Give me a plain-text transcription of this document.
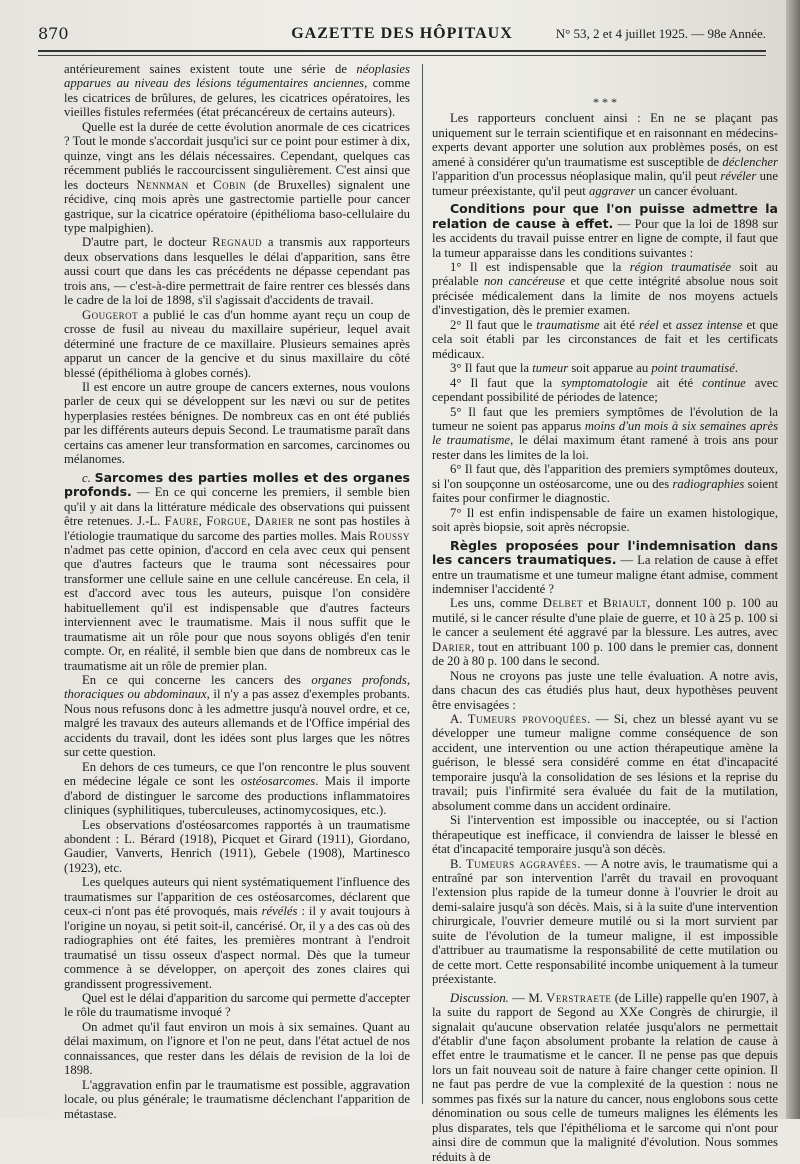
870	GAZETTE DES HÔPITAUX	N° 53, 2 et 4 juillet 1925. — 98e Année.

antérieurement saines existent toute une série de néoplasies apparues au niveau des lésions tégumentaires anciennes, comme les cicatrices de brûlures, de gelures, les cicatrices opératoires, les vieilles fistules refermées (état précancéreux de certains auteurs).

Quelle est la durée de cette évolution anormale de ces cicatrices ? Tout le monde s'accordait jusqu'ici sur ce point pour estimer à dix, quinze, vingt ans les délais nécessaires. Cependant, quelques cas récemment publiés le raccourcissent singulièrement. C'est ainsi que les docteurs Nennman et Cobin (de Bruxelles) signalent une récidive, cinq mois après une gastrectomie partielle pour cancer gastrique, sur la cicatrice opératoire (épithélioma baso-cellulaire du type malpighien).

D'autre part, le docteur Regnaud a transmis aux rapporteurs deux observations dans lesquelles le délai d'apparition, sans être aussi court que dans les cas précédents ne dépasse cependant pas trois ans, — c'est-à-dire permettrait de faire rentrer ces blessés dans le cadre de la loi de 1898, s'il s'agissait d'accidents de travail.

Gougerot a publié le cas d'un homme ayant reçu un coup de crosse de fusil au niveau du maxillaire supérieur, lequel avait déterminé une fracture de ce maxillaire. Plusieurs semaines après apparut un cancer de la gencive et du sinus maxillaire du côté blessé (épithélioma à globes cornés).

Il est encore un autre groupe de cancers externes, nous voulons parler de ceux qui se développent sur les nævi ou sur de petites hyperplasies restées bénignes. De nombreux cas en ont été publiés par les différents auteurs depuis Second. Le traumatisme paraît dans certains cas amener leur transformation en sarcomes, carcinomes ou mélanomes.

c. Sarcomes des parties molles et des organes profonds. — En ce qui concerne les premiers, il semble bien qu'il y ait dans la littérature médicale des observations qui puissent être retenues. J.-L. Faure, Forgue, Darier ne sont pas hostiles à l'étiologie traumatique du sarcome des parties molles. Mais Roussy n'admet pas cette opinion, d'accord en cela avec ceux qui pensent que d'autres facteurs que le trauma sont nécessaires pour transformer une cellule saine en une cellule cancéreuse. En cela, il est d'accord avec tous les auteurs, puisque l'on considère habituellement qu'il est indispensable que d'autres facteurs interviennent avec le traumatisme. Mais il nous suffit que le traumatisme ait un rôle pour que nous soyons obligés d'en tenir compte. Or, en réalité, il semble bien que dans de nombreux cas le traumatisme ait un rôle de premier plan.

En ce qui concerne les cancers des organes profonds, thoraciques ou abdominaux, il n'y a pas assez d'exemples probants. Nous nous refusons donc à les admettre jusqu'à nouvel ordre, et ce, malgré les travaux des auteurs allemands et de l'Office impérial des accidents du travail, dont les idées sont plus larges que les nôtres sur cette question.

En dehors de ces tumeurs, ce que l'on rencontre le plus souvent en médecine légale ce sont les ostéosarcomes. Mais il importe d'abord de distinguer le sarcome des productions inflammatoires cliniques (syphilitiques, tuberculeuses, actinomycosiques, etc.).

Les observations d'ostéosarcomes rapportés à un traumatisme abondent : L. Bérard (1918), Picquet et Girard (1911), Giordano, Gaudier, Vanverts, Henrich (1911), Gebele (1908), Martinesco (1923), etc.

Les quelques auteurs qui nient systématiquement l'influence des traumatismes sur l'apparition de ces ostéosarcomes, déclarent que ceux-ci n'ont pas été provoqués, mais révélés : il y avait toujours à l'origine un noyau, si petit soit-il, cancérisé. Or, il y a des cas où des radiographies ont été faites, les premières montrant à l'endroit traumatisé un tissu osseux d'aspect normal. Dès que la tumeur commence à se développer, on aperçoit des zones claires qui grandissent progressivement.

Quel est le délai d'apparition du sarcome qui permette d'accepter le rôle du traumatisme invoqué ?

On admet qu'il faut environ un mois à six semaines. Quant au délai maximum, on l'ignore et l'on ne peut, dans l'état actuel de nos connaissances, que rester dans les délais de revision de la loi de 1898.

L'aggravation enfin par le traumatisme est possible, aggravation locale, ou plus générale; le traumatisme déclenchant l'apparition de métastase.

* * *

Les rapporteurs concluent ainsi : En ne se plaçant pas uniquement sur le terrain scientifique et en raisonnant en médecins-experts devant apporter une solution aux problèmes posés, on est amené à considérer qu'un traumatisme est susceptible de déclencher l'apparition d'un processus néoplasique malin, qu'il peut révéler une tumeur préexistante, qu'il peut aggraver un cancer évoluant.

Conditions pour que l'on puisse admettre la relation de cause à effet. — Pour que la loi de 1898 sur les accidents du travail puisse entrer en ligne de compte, il faut que la tumeur apparaisse dans les conditions suivantes :

1° Il est indispensable que la région traumatisée soit au préalable non cancéreuse et que cette intégrité absolue nous soit précisée médicalement dans la limite de nos moyens actuels d'investigation, dès le premier examen.

2° Il faut que le traumatisme ait été réel et assez intense et que cela soit établi par les circonstances de fait et les certificats médicaux.

3° Il faut que la tumeur soit apparue au point traumatisé.

4° Il faut que la symptomatologie ait été continue avec cependant possibilité de périodes de latence;

5° Il faut que les premiers symptômes de l'évolution de la tumeur ne soient pas apparus moins d'un mois à six semaines après le traumatisme, le délai maximum étant ramené à trois ans pour rester dans les limites de la loi.

6° Il faut que, dès l'apparition des premiers symptômes douteux, si l'on soupçonne un ostéosarcome, une ou des radiographies soient faites pour confirmer le diagnostic.

7° Il est enfin indispensable de faire un examen histologique, soit après biopsie, soit après nécropsie.

Règles proposées pour l'indemnisation dans les cancers traumatiques. — La relation de cause à effet entre un traumatisme et une tumeur maligne étant admise, comment indemniser l'accidenté ?

Les uns, comme Delbet et Briault, donnent 100 p. 100 au mutilé, si le cancer résulte d'une plaie de guerre, et 10 à 25 p. 100 si le cancer a seulement été aggravé par la blessure. Les autres, avec Darier, tout en attribuant 100 p. 100 dans le premier cas, donnent de 20 à 80 p. 100 dans le second.

Nous ne croyons pas juste une telle évaluation. A notre avis, dans chacun des cas étudiés plus haut, deux hypothèses peuvent être envisagées :

A. Tumeurs provoquées. — Si, chez un blessé ayant vu se développer une tumeur maligne comme conséquence de son accident, une intervention ou une action thérapeutique amène la guérison, le blessé sera considéré comme en état d'incapacité temporaire jusqu'à la consolidation de ses lésions et la reprise du travail; puis l'infirmité sera évaluée du fait de la mutilation, absolument comme dans un accident ordinaire.

Si l'intervention est impossible ou inacceptée, ou si l'action thérapeutique est inefficace, il conviendra de laisser le blessé en état d'incapacité temporaire jusqu'à son décès.

B. Tumeurs aggravées. — A notre avis, le traumatisme qui a entraîné par son intervention l'arrêt du travail en provoquant l'extension plus rapide de la tumeur donne à l'ouvrier le droit au demi-salaire jusqu'à son décès. Mais, si à la suite d'une intervention chirurgicale, l'ouvrier demeure mutilé ou si la mort survient par suite de l'évolution de la tumeur maligne, il est impossible d'attribuer au traumatisme la responsabilité de cette mutilation ou de cette mort. Cette responsabilité incombe uniquement à la tumeur préexistante.

Discussion. — M. Verstraete (de Lille) rappelle qu'en 1907, à la suite du rapport de Segond au XXe Congrès de chirurgie, il signalait qu'aucune observation relatée jusqu'alors ne permettait d'établir d'une façon absolument probante la relation de cause à effet entre le traumatisme et le cancer. Il ne pense pas que depuis lors un fait nouveau soit de nature à faire changer cette opinion. Il ne faut pas perdre de vue la complexité de la question : nous ne sommes pas fixés sur la nature du cancer, nous englobons sous cette dénomination ou sous celle de tumeurs malignes les éléments les plus disparates, tels que l'épithélioma et le sarcome qui n'ont pour ainsi dire de commun que la malignité d'évolution. Nous sommes réduits à de
